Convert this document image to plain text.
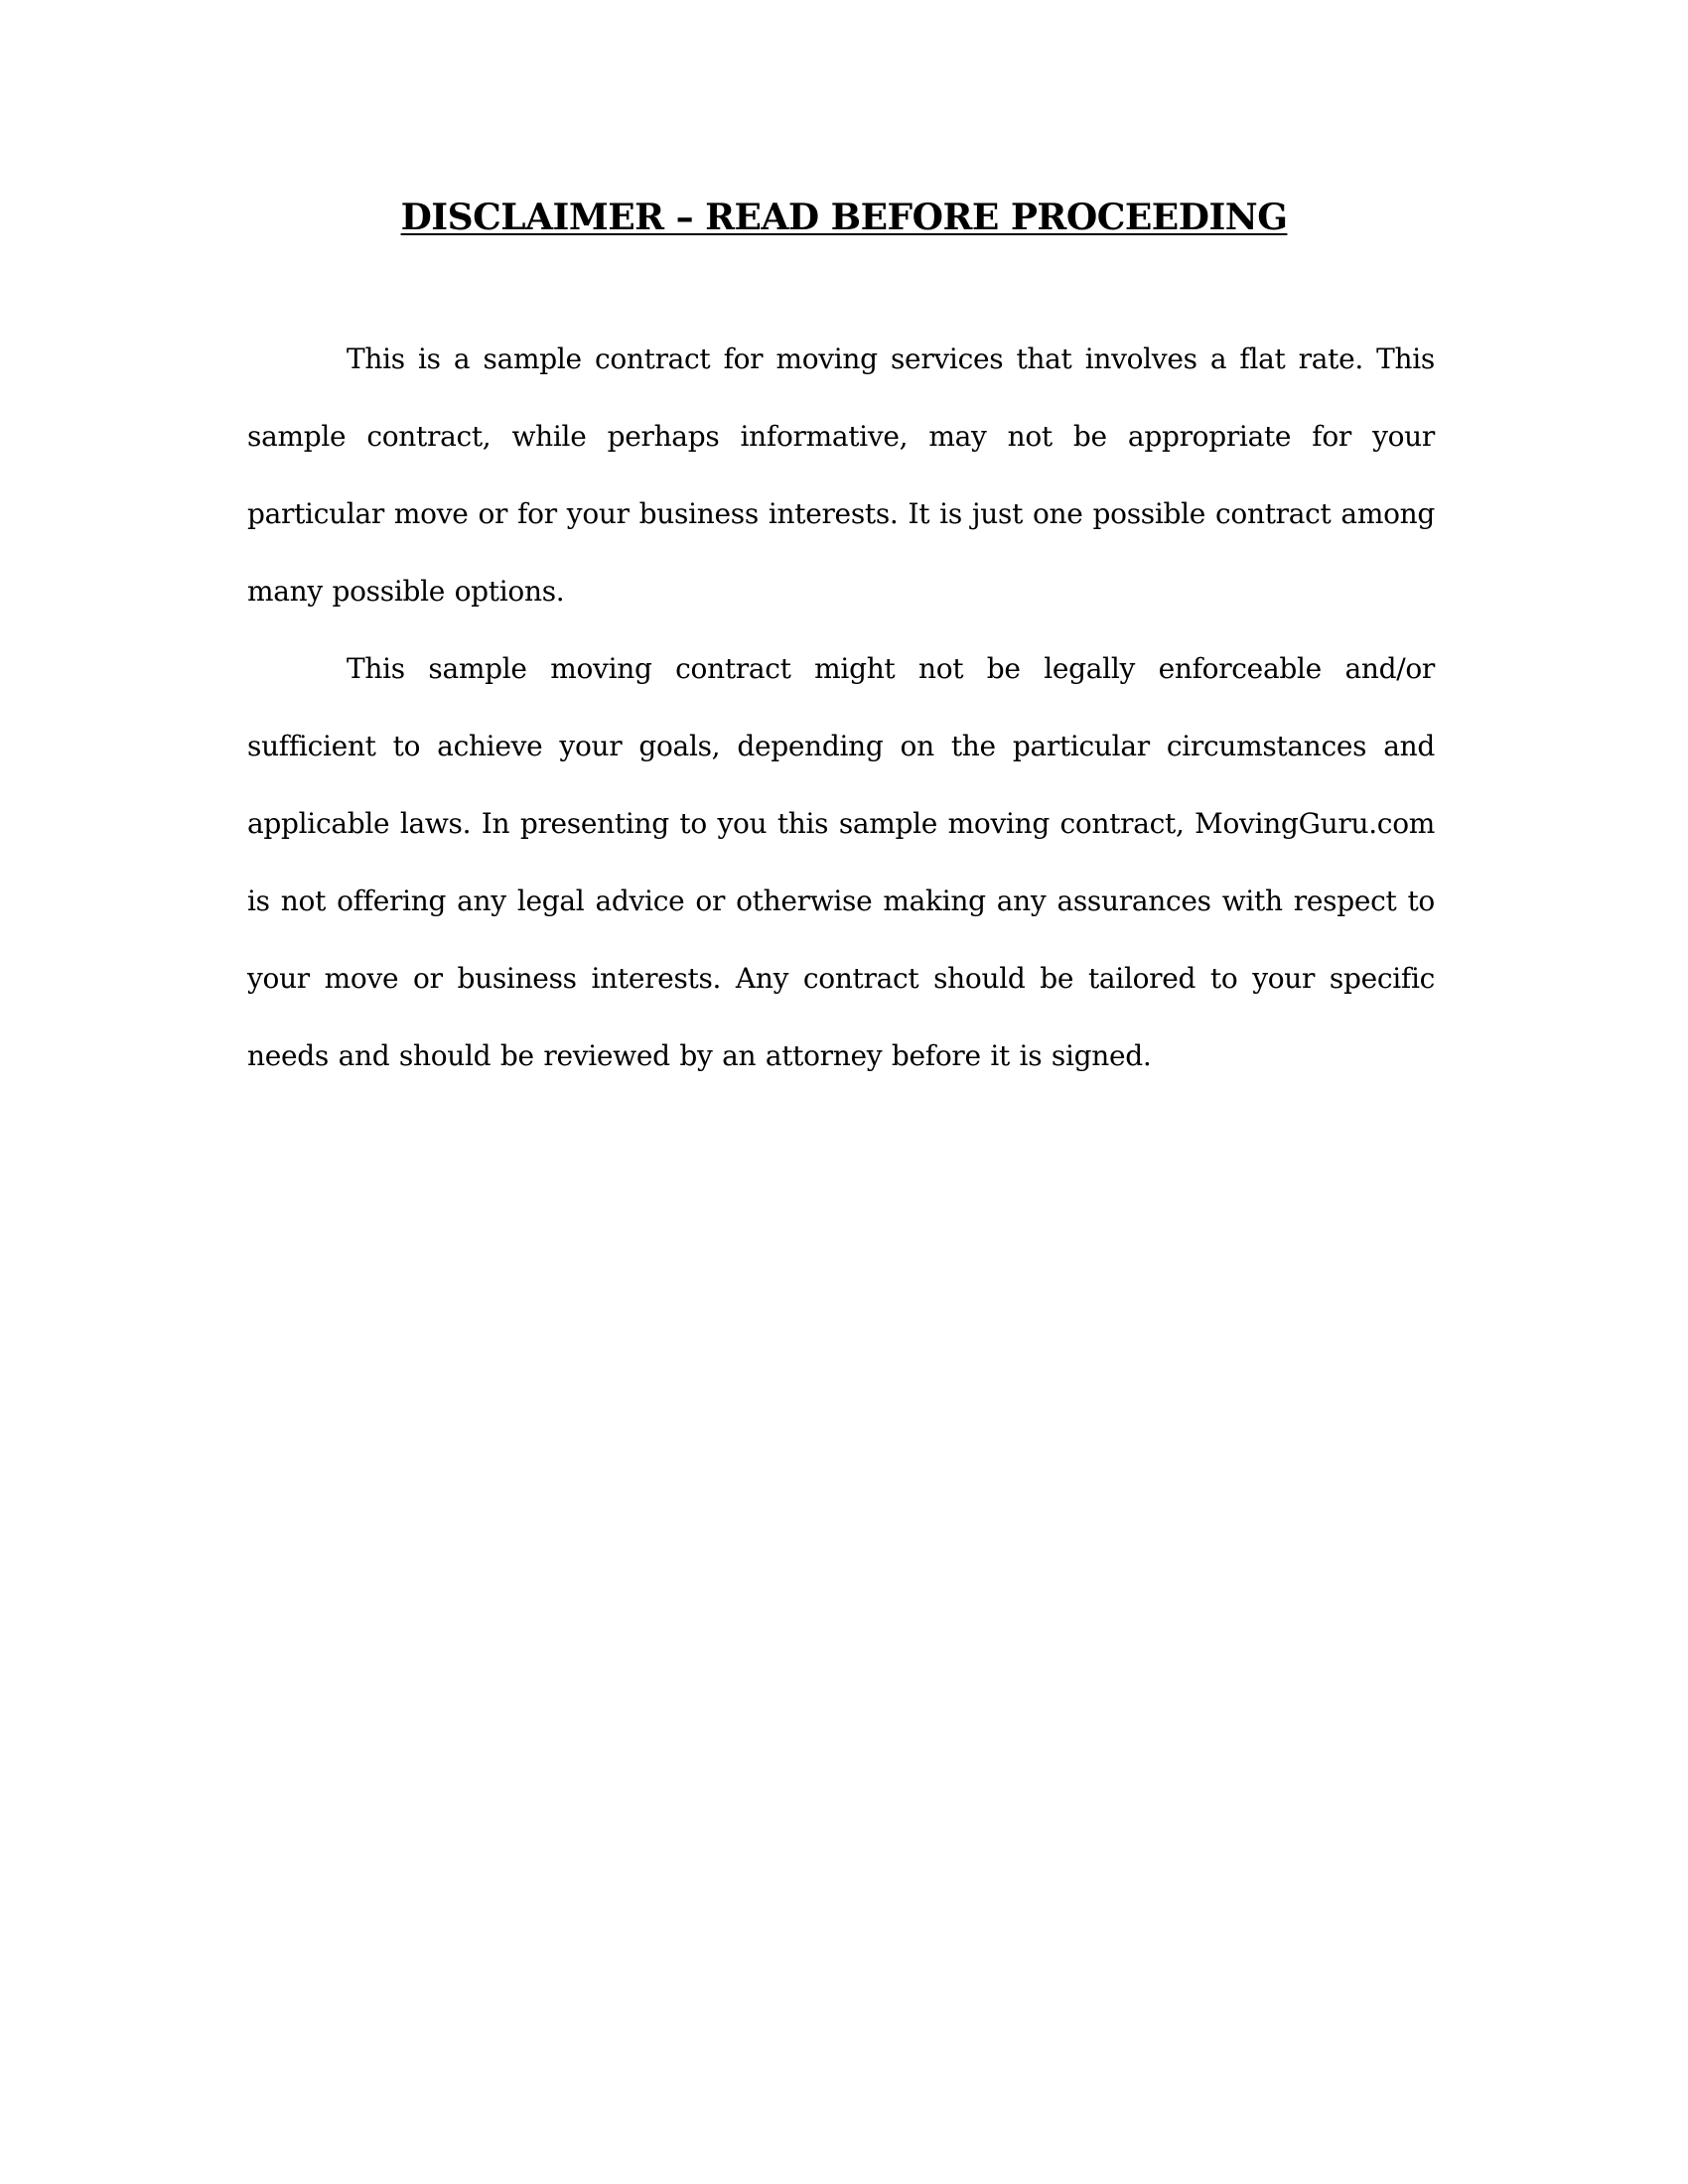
DISCLAIMER – READ BEFORE PROCEEDING

This is a sample contract for moving services that involves a flat rate. This sample contract, while perhaps informative, may not be appropriate for your particular move or for your business interests. It is just one possible contract among many possible options.

This sample moving contract might not be legally enforceable and/or sufficient to achieve your goals, depending on the particular circumstances and applicable laws. In presenting to you this sample moving contract, MovingGuru.com is not offering any legal advice or otherwise making any assurances with respect to your move or business interests. Any contract should be tailored to your specific needs and should be reviewed by an attorney before it is signed.
